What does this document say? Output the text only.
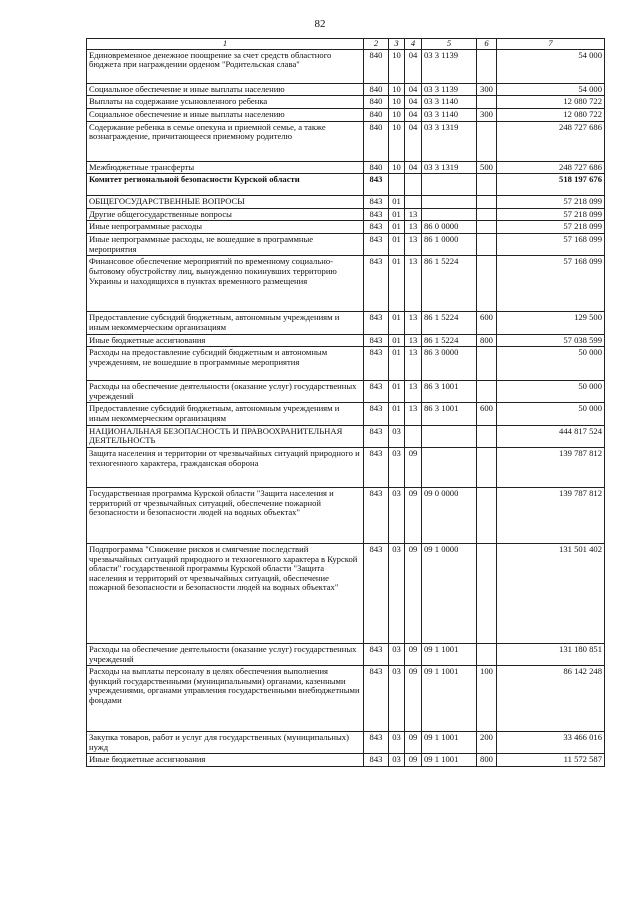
82
1	2	3	4	5	6	7
Единовременное денежное поощрение за счет средств областного бюджета при награждении орденом "Родительская слава"	840	10	04	03 3 1139		54 000
Социальное обеспечение и иные выплаты населению	840	10	04	03 3 1139	300	54 000
Выплаты на содержание усыновленного ребенка	840	10	04	03 3 1140		12 080 722
Социальное обеспечение и иные выплаты населению	840	10	04	03 3 1140	300	12 080 722
Содержание ребенка в семье опекуна и приемной семье, а также вознаграждение, причитающееся приемному родителю	840	10	04	03 3 1319		248 727 686
Межбюджетные трансферты	840	10	04	03 3 1319	500	248 727 686
Комитет региональной безопасности Курской области	843					518 197 676
ОБЩЕГОСУДАРСТВЕННЫЕ ВОПРОСЫ	843	01				57 218 099
Другие общегосударственные вопросы	843	01	13			57 218 099
Иные непрограммные расходы	843	01	13	86 0 0000		57 218 099
Иные непрограммные расходы, не вошедшие в программные мероприятия	843	01	13	86 1 0000		57 168 099
Финансовое обеспечение мероприятий по временному социально-бытовому обустройству лиц, вынужденно покинувших территорию Украины и находящихся в пунктах временного размещения	843	01	13	86 1 5224		57 168 099
Предоставление субсидий бюджетным, автономным учреждениям и иным некоммерческим организациям	843	01	13	86 1 5224	600	129 500
Иные бюджетные ассигнования	843	01	13	86 1 5224	800	57 038 599
Расходы на предоставление субсидий бюджетным и автономным учреждениям, не вошедшие в программные мероприятия	843	01	13	86 3 0000		50 000
Расходы на обеспечение деятельности (оказание услуг) государственных учреждений	843	01	13	86 3 1001		50 000
Предоставление субсидий бюджетным, автономным учреждениям и иным некоммерческим организациям	843	01	13	86 3 1001	600	50 000
НАЦИОНАЛЬНАЯ БЕЗОПАСНОСТЬ И ПРАВООХРАНИТЕЛЬНАЯ ДЕЯТЕЛЬНОСТЬ	843	03				444 817 524
Защита населения и территории от чрезвычайных ситуаций природного и техногенного характера, гражданская оборона	843	03	09			139 787 812
Государственная программа Курской области "Защита населения и территорий от чрезвычайных ситуаций, обеспечение пожарной безопасности и безопасности людей на водных объектах"	843	03	09	09 0 0000		139 787 812
Подпрограмма "Снижение рисков и смягчение последствий чрезвычайных ситуаций природного и техногенного характера в Курской области" государственной программы Курской области "Защита населения и территорий от чрезвычайных ситуаций, обеспечение пожарной безопасности и безопасности людей на водных объектах"	843	03	09	09 1 0000		131 501 402
Расходы на обеспечение деятельности (оказание услуг) государственных учреждений	843	03	09	09 1 1001		131 180 851
Расходы на выплаты персоналу в целях обеспечения выполнения функций государственными (муниципальными) органами, казенными учреждениями, органами управления государственными внебюджетными фондами	843	03	09	09 1 1001	100	86 142 248
Закупка товаров, работ и услуг для государственных (муниципальных) нужд	843	03	09	09 1 1001	200	33 466 016
Иные бюджетные ассигнования	843	03	09	09 1 1001	800	11 572 587
